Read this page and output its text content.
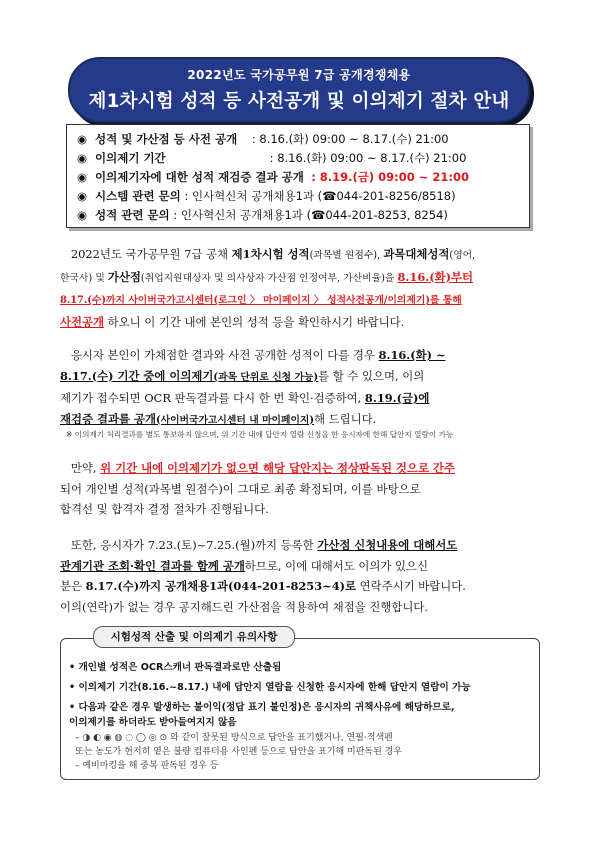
2022년도 국가공무원 7급 공개경쟁채용
제1차시험 성적 등 사전공개 및 이의제기 절차 안내
◉ 성적 및 가산점 등 사전 공개 : 8.16.(화) 09:00 ~ 8.17.(수) 21:00
◉ 이의제기 기간	: 8.16.(화) 09:00 ~ 8.17.(수) 21:00
◉ 이의제기자에 대한 성적 재검증 결과 공개 : 8.19.(금) 09:00 ~ 21:00
◉ 시스템 관련 문의 : 인사혁신처 공개채용1과 (☎044-201-8256/8518)
◉ 성적 관련 문의 : 인사혁신처 공개채용1과 (☎044-201-8253, 8254)
2022년도 국가공무원 7급 공채 제1차시험 성적(과목별 원점수), 과목대체성적(영어,
한국사) 및 가산점(취업지원대상자 및 의사상자 가산점 인정여부, 가산비율)을 8.16.(화)부터
8.17.(수)까지 사이버국가고시센터(로그인 〉 마이페이지 〉 성적사전공개/이의제기)를 통해
사전공개 하오니 이 기간 내에 본인의 성적 등을 확인하시기 바랍니다.
응시자 본인이 가채점한 결과와 사전 공개한 성적이 다를 경우 8.16.(화) ~
8.17.(수) 기간 중에 이의제기(과목 단위로 신청 가능)를 할 수 있으며, 이의
제기가 접수되면 OCR 판독결과를 다시 한 번 확인·검증하여, 8.19.(금)에
재검증 결과를 공개(사이버국가고시센터 내 마이페이지)해 드립니다.
※ 이의제기 처리결과를 별도 통보하지 않으며, 위 기간 내에 답안지 열람 신청을 한 응시자에 한해 답안지 열람이 가능
만약, 위 기간 내에 이의제기가 없으면 해당 답안지는 정상판독된 것으로 간주
되어 개인별 성적(과목별 원점수)이 그대로 최종 확정되며, 이를 바탕으로
합격선 및 합격자 결정 절차가 진행됩니다.
또한, 응시자가 7.23.(토)~7.25.(월)까지 등록한 가산점 신청내용에 대해서도
관계기관 조회·확인 결과를 함께 공개하므로, 이에 대해서도 이의가 있으신
분은 8.17.(수)까지 공개채용1과(044-201-8253~4)로 연락주시기 바랍니다.
이의(연락)가 없는 경우 공지해드린 가산점을 적용하여 채점을 진행합니다.
• 개인별 성적은 OCR스캐너 판독결과로만 산출됨
• 이의제기 기간(8.16.~8.17.) 내에 답안지 열람을 신청한 응시자에 한해 답안지 열람이 가능
• 다음과 같은 경우 발생하는 불이익(정답 표기 불인정)은 응시자의 귀책사유에 해당하므로,
이의제기를 하더라도 받아들여지지 않음
– ◑ ◐ ◉ ◍ ◌ ◯ ◎ ⊙ 와 같이 잘못된 방식으로 답안을 표기했거나, 연필·적색펜
또는 농도가 현저히 옅은 불량 컴퓨터용 사인펜 등으로 답안을 표기해 미판독된 경우
– 예비마킹을 해 중복 판독된 경우 등
시험성적 산출 및 이의제기 유의사항
